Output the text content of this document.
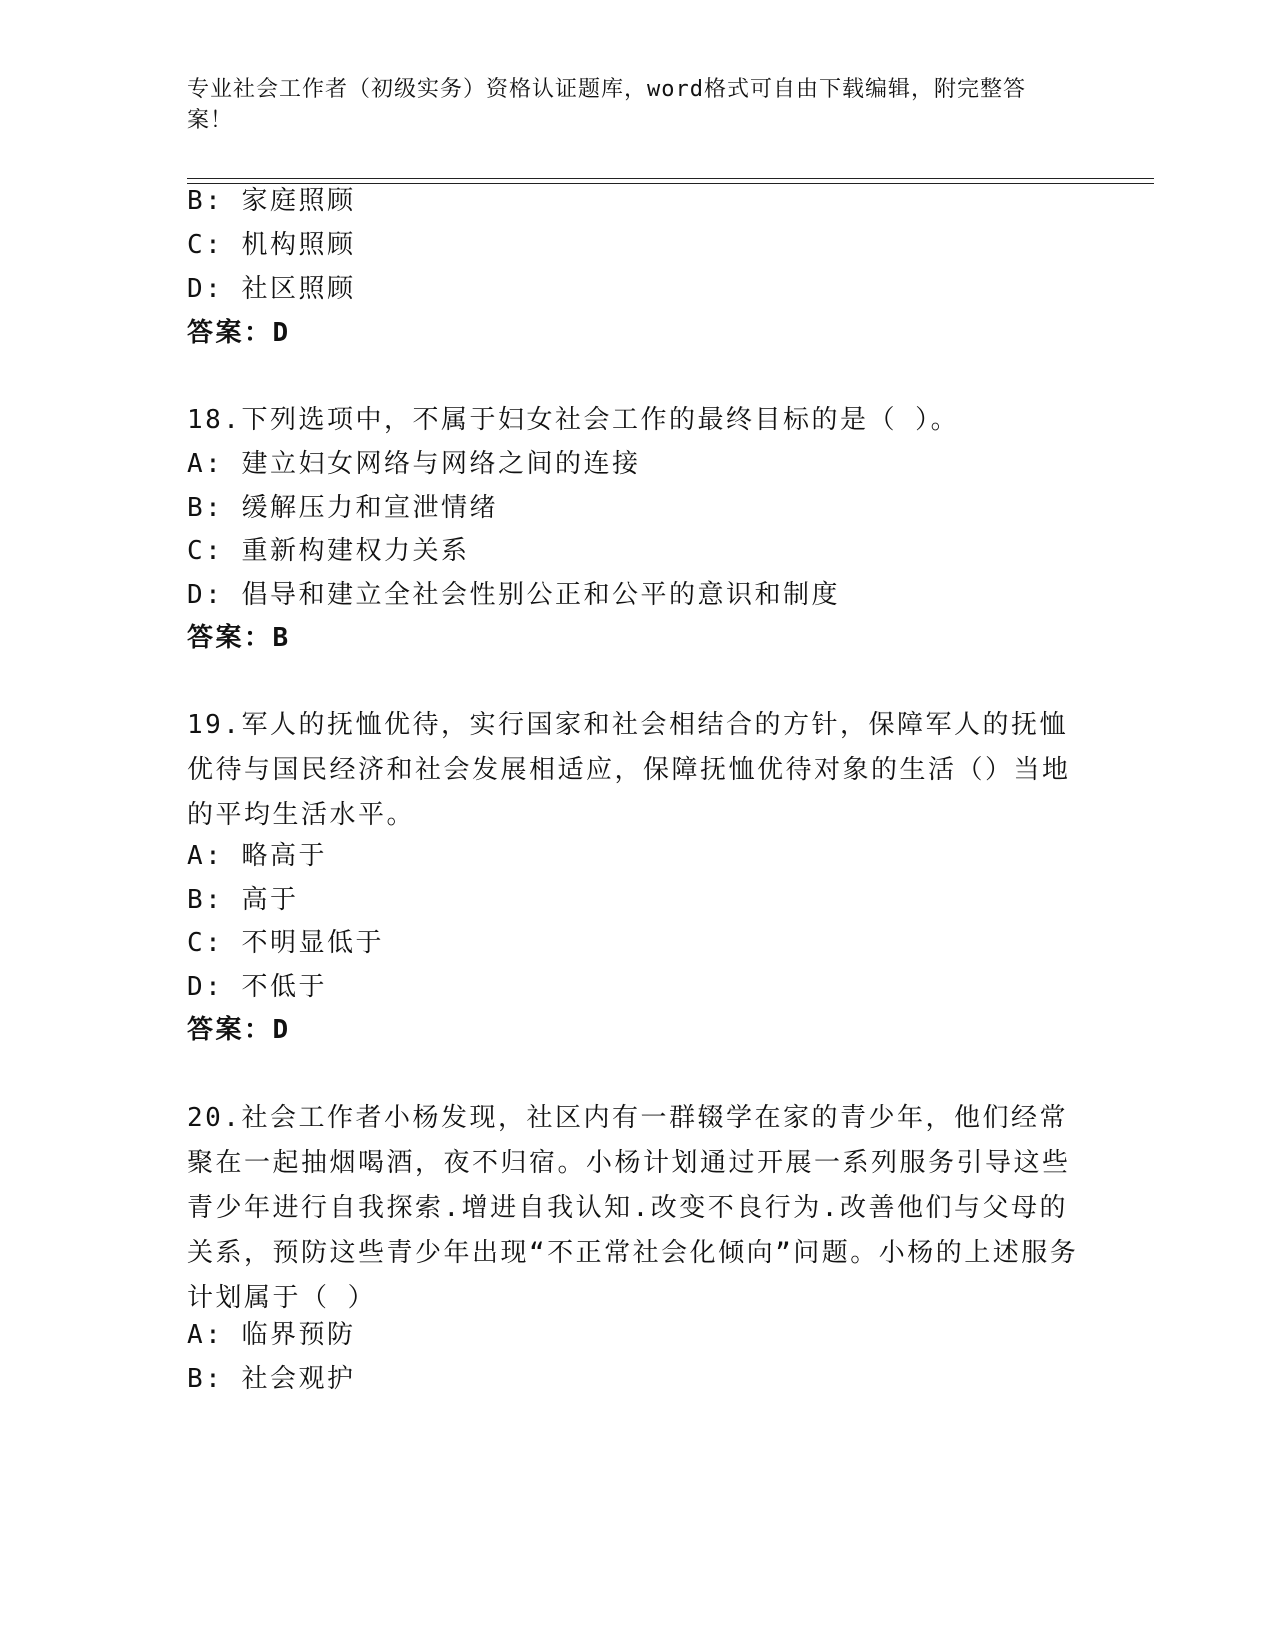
专业社会工作者（初级实务）资格认证题库，word格式可自由下载编辑，附完整答案！
B: 家庭照顾
C: 机构照顾
D: 社区照顾
答案：D
18.下列选项中，不属于妇女社会工作的最终目标的是（ ）。
A: 建立妇女网络与网络之间的连接
B: 缓解压力和宣泄情绪
C: 重新构建权力关系
D: 倡导和建立全社会性别公正和公平的意识和制度
答案：B
19.军人的抚恤优待，实行国家和社会相结合的方针，保障军人的抚恤优待与国民经济和社会发展相适应，保障抚恤优待对象的生活（）当地的平均生活水平。
A: 略高于
B: 高于
C: 不明显低于
D: 不低于
答案：D
20.社会工作者小杨发现，社区内有一群辍学在家的青少年，他们经常聚在一起抽烟喝酒，夜不归宿。小杨计划通过开展一系列服务引导这些青少年进行自我探索.增进自我认知.改变不良行为.改善他们与父母的关系，预防这些青少年出现“不正常社会化倾向”问题。小杨的上述服务计划属于（ ）
A: 临界预防
B: 社会观护
